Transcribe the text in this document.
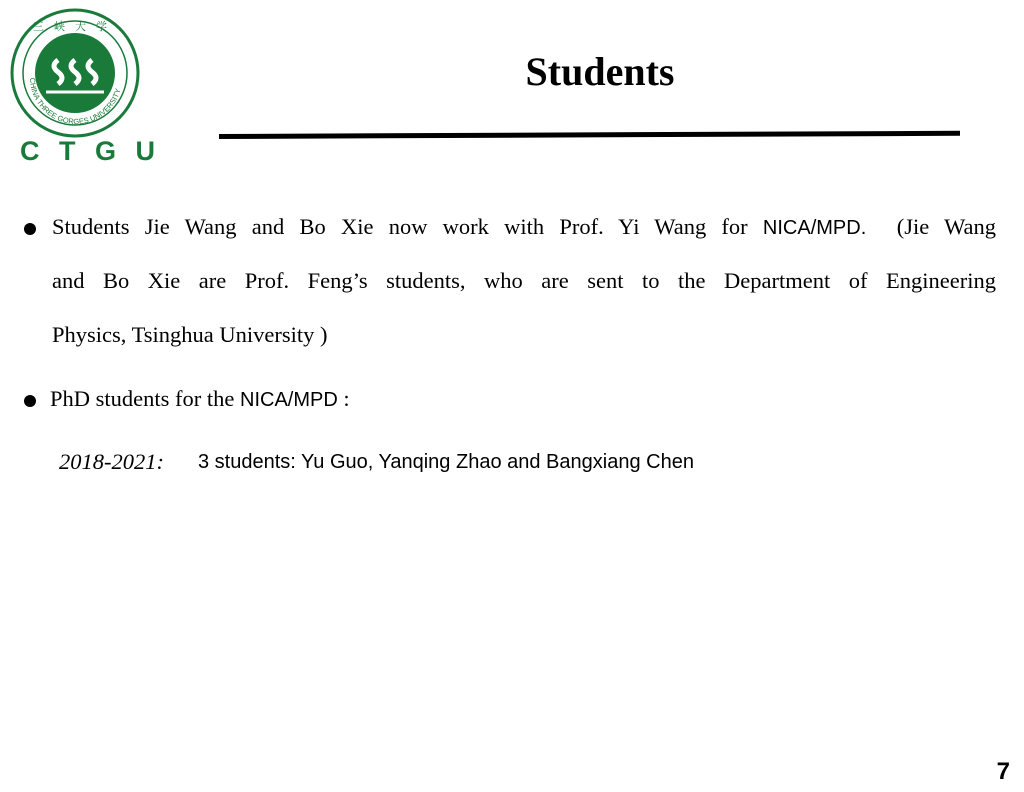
三峡大学
CHINA THREE GORGES UNIVERSITY
C T G U
Students
Students Jie Wang and Bo Xie now work with Prof. Yi Wang for NICA/MPD.  (Jie Wang
and Bo Xie are Prof. Feng’s students, who are sent to the Department of Engineering
Physics, Tsinghua University )
PhD students for the NICA/MPD :
2018-2021: 3 students: Yu Guo, Yanqing Zhao and Bangxiang Chen
7
